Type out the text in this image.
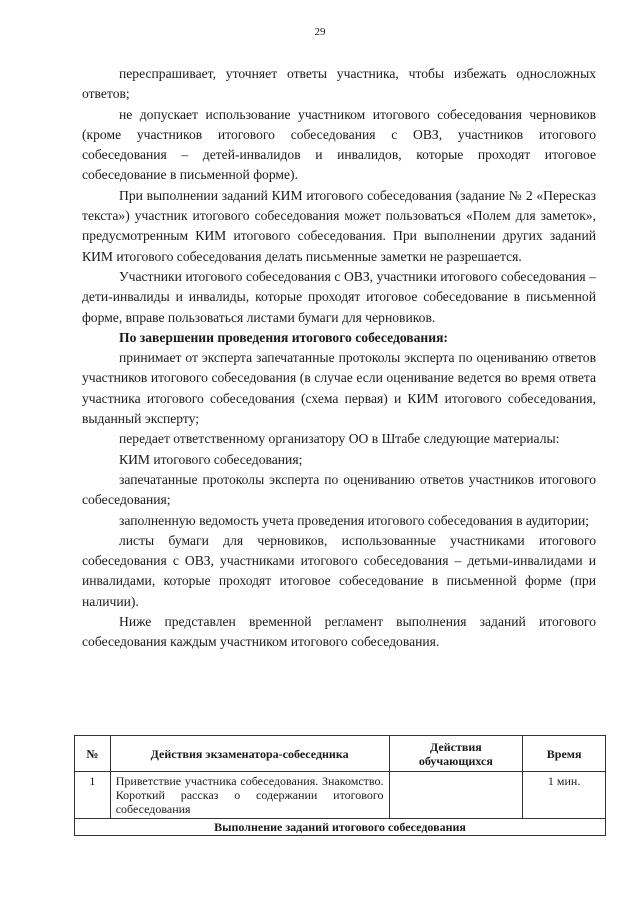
29

переспрашивает, уточняет ответы участника, чтобы избежать односложных ответов;

не допускает использование участником итогового собеседования черновиков (кроме участников итогового собеседования с ОВЗ, участников итогового собеседования – детей-инвалидов и инвалидов, которые проходят итоговое собеседование в письменной форме).

При выполнении заданий КИМ итогового собеседования (задание № 2 «Пересказ текста») участник итогового собеседования может пользоваться «Полем для заметок», предусмотренным КИМ итогового собеседования. При выполнении других заданий КИМ итогового собеседования делать письменные заметки не разрешается.

Участники итогового собеседования с ОВЗ, участники итогового собеседования – дети-инвалиды и инвалиды, которые проходят итоговое собеседование в письменной форме, вправе пользоваться листами бумаги для черновиков.

По завершении проведения итогового собеседования:

принимает от эксперта запечатанные протоколы эксперта по оцениванию ответов участников итогового собеседования (в случае если оценивание ведется во время ответа участника итогового собеседования (схема первая) и КИМ итогового собеседования, выданный эксперту;

передает ответственному организатору ОО в Штабе следующие материалы:

КИМ итогового собеседования;

запечатанные протоколы эксперта по оцениванию ответов участников итогового собеседования;

заполненную ведомость учета проведения итогового собеседования в аудитории;

листы бумаги для черновиков, использованные участниками итогового собеседования с ОВЗ, участниками итогового собеседования – детьми-инвалидами и инвалидами, которые проходят итоговое собеседование в письменной форме (при наличии).

Ниже представлен временной регламент выполнения заданий итогового собеседования каждым участником итогового собеседования.

№	Действия экзаменатора-собеседника	Действия обучающихся	Время
1	Приветствие участника собеседования. Знакомство. Короткий рассказ о содержании итогового собеседования		1 мин.
Выполнение заданий итогового собеседования			
